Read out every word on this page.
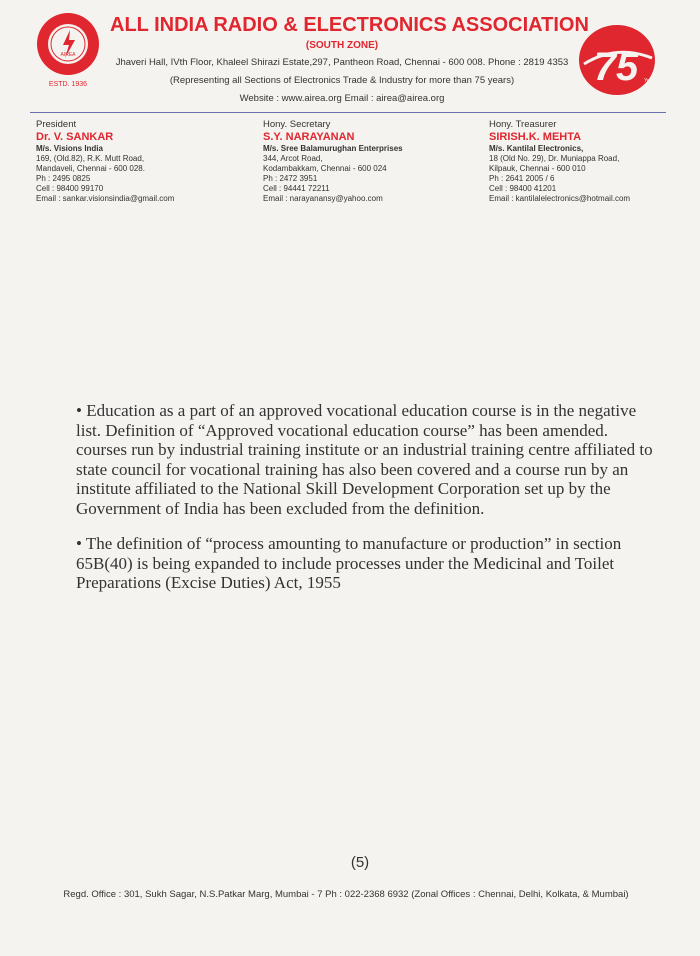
AIREA
ESTD. 1936
ALL INDIA RADIO & ELECTRONICS ASSOCIATION
(SOUTH ZONE)
Jhaveri Hall, IVth Floor, Khaleel Shirazi Estate,297, Pantheon Road, Chennai - 600 008. Phone : 2819 4353
(Representing all Sections of Electronics Trade & Industry for more than 75 years)
Website : www.airea.org Email : airea@airea.org
75 Years
President
Dr. V. SANKAR
M/s. Visions India
169, (Old.82), R.K. Mutt Road,
Mandaveli, Chennai - 600 028.
Ph : 2495 0825
Cell : 98400 99170
Email : sankar.visionsindia@gmail.com
Hony. Secretary
S.Y. NARAYANAN
M/s. Sree Balamurughan Enterprises
344, Arcot Road,
Kodambakkam, Chennai - 600 024
Ph : 2472 3951
Cell : 94441 72211
Email : narayanansy@yahoo.com
Hony. Treasurer
SIRISH.K. MEHTA
M/s. Kantilal Electronics,
18 (Old No. 29), Dr. Muniappa Road,
Kilpauk, Chennai - 600 010
Ph : 2641 2005 / 6
Cell : 98400 41201
Email : kantilalelectronics@hotmail.com

• Education as a part of an approved vocational education course is in the negative list. Definition of “Approved vocational education course” has been amended. courses run by industrial training institute or an industrial training centre affiliated to state council for vocational training has also been covered and a course run by an institute affiliated to the National Skill Development Corporation set up by the Government of India has been excluded from the definition.

• The definition of “process amounting to manufacture or production” in section 65B(40) is being expanded to include processes under the Medicinal and Toilet Preparations (Excise Duties) Act, 1955

(5)
Regd. Office : 301, Sukh Sagar, N.S.Patkar Marg, Mumbai - 7 Ph : 022-2368 6932 (Zonal Offices : Chennai, Delhi, Kolkata, & Mumbai)
